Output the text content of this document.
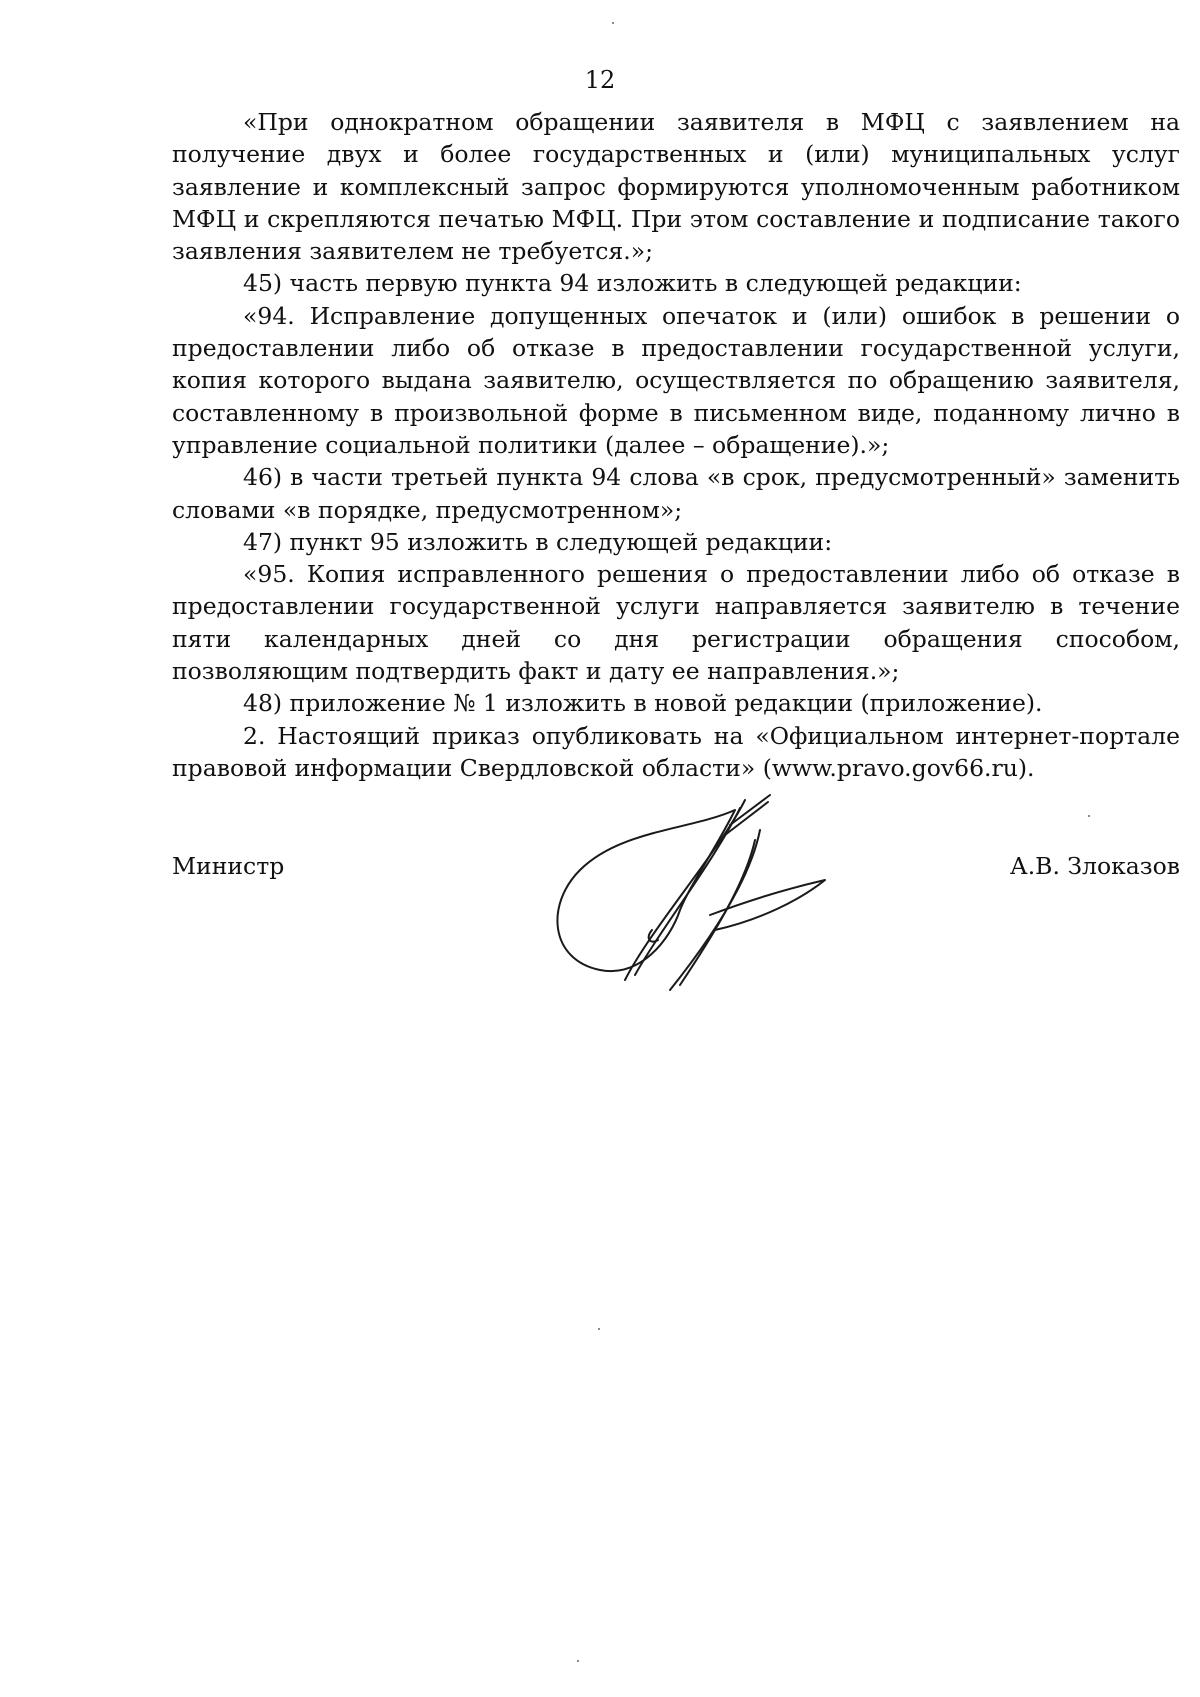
12

«При однократном обращении заявителя в МФЦ с заявлением на получение двух и более государственных и (или) муниципальных услуг заявление и комплексный запрос формируются уполномоченным работником МФЦ и скрепляются печатью МФЦ. При этом составление и подписание такого заявления заявителем не требуется.»;

45) часть первую пункта 94 изложить в следующей редакции:

«94. Исправление допущенных опечаток и (или) ошибок в решении о предоставлении либо об отказе в предоставлении государственной услуги, копия которого выдана заявителю, осуществляется по обращению заявителя, составленному в произвольной форме в письменном виде, поданному лично в управление социальной политики (далее – обращение).»;

46) в части третьей пункта 94 слова «в срок, предусмотренный» заменить словами «в порядке, предусмотренном»;

47) пункт 95 изложить в следующей редакции:

«95. Копия исправленного решения о предоставлении либо об отказе в предоставлении государственной услуги направляется заявителю в течение пяти календарных дней со дня регистрации обращения способом, позволяющим подтвердить факт и дату ее направления.»;

48) приложение № 1 изложить в новой редакции (приложение).

2. Настоящий приказ опубликовать на «Официальном интернет-портале правовой информации Свердловской области» (www.pravo.gov66.ru).

Министр	А.В. Злоказов
